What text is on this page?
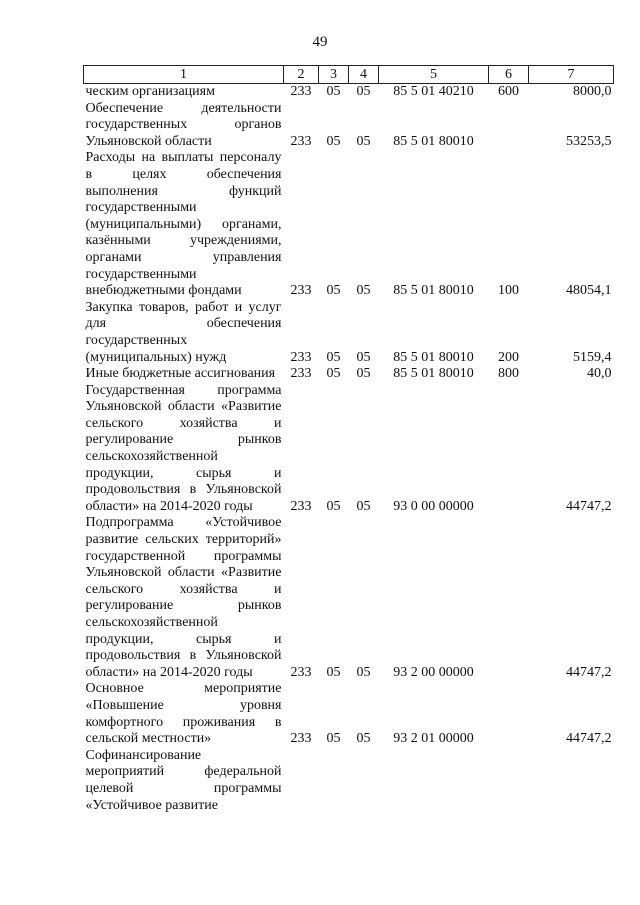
49
1	2	3	4	5	6	7
ческим организациям	233	05	05	85 5 01 40210	600	8000,0
Обеспечение деятельности государственных органов Ульяновской области	233	05	05	85 5 01 80010		53253,5
Расходы на выплаты персоналу в целях обеспечения выполнения функций государственными (муниципальными) органами, казёнными учреждениями, органами управления государственными внебюджетными фондами	233	05	05	85 5 01 80010	100	48054,1
Закупка товаров, работ и услуг для обеспечения государственных (муниципальных) нужд	233	05	05	85 5 01 80010	200	5159,4
Иные бюджетные ассигнования	233	05	05	85 5 01 80010	800	40,0
Государственная программа Ульяновской области «Развитие сельского хозяйства и регулирование рынков сельскохозяйственной продукции, сырья и продовольствия в Ульяновской области» на 2014-2020 годы	233	05	05	93 0 00 00000		44747,2
Подпрограмма «Устойчивое развитие сельских территорий» государственной программы Ульяновской области «Развитие сельского хозяйства и регулирование рынков сельскохозяйственной продукции, сырья и продовольствия в Ульяновской области» на 2014-2020 годы	233	05	05	93 2 00 00000		44747,2
Основное мероприятие «Повышение уровня комфортного проживания в сельской местности»	233	05	05	93 2 01 00000		44747,2
Софинансирование мероприятий федеральной целевой программы «Устойчивое развитие						
